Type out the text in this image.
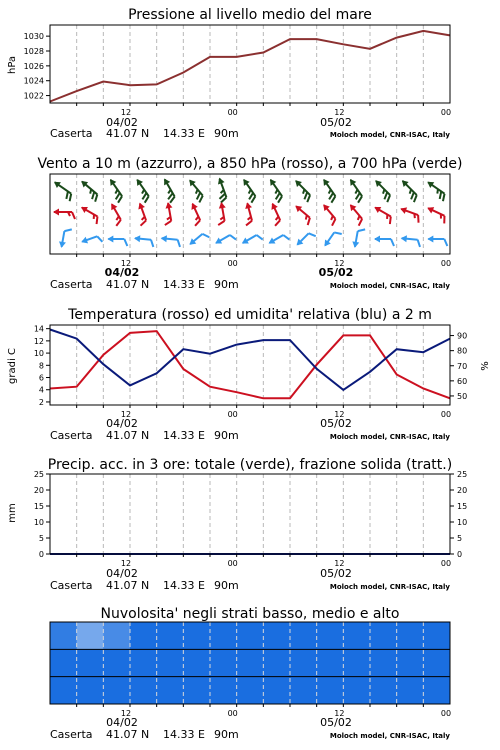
Pressione al livello medio del mare
hPa
1022
1024
1026
1028
1030
12	00	12	00
04/02	05/02
Caserta 41.07 N 14.33 E 90m	Moloch model, CNR-ISAC, Italy
Vento a 10 m (azzurro), a 850 hPa (rosso), a 700 hPa (verde)
12	00	12	00
04/02	05/02
Caserta 41.07 N 14.33 E 90m	Moloch model, CNR-ISAC, Italy
Temperatura (rosso) ed umidita' relativa (blu) a 2 m
gradi C	%
2
4
6
8
10
12
14
50
60
70
80
90
12	00	12	00
04/02	05/02
Caserta 41.07 N 14.33 E 90m	Moloch model, CNR-ISAC, Italy
Precip. acc. in 3 ore: totale (verde), frazione solida (tratt.)
mm
0
5
10
15
20
25
0
5
10
15
20
25
12	00	12	00
04/02	05/02
Caserta 41.07 N 14.33 E 90m	Moloch model, CNR-ISAC, Italy
Nuvolosita' negli strati basso, medio e alto
12	00	12	00
04/02	05/02
Caserta 41.07 N 14.33 E 90m	Moloch model, CNR-ISAC, Italy
